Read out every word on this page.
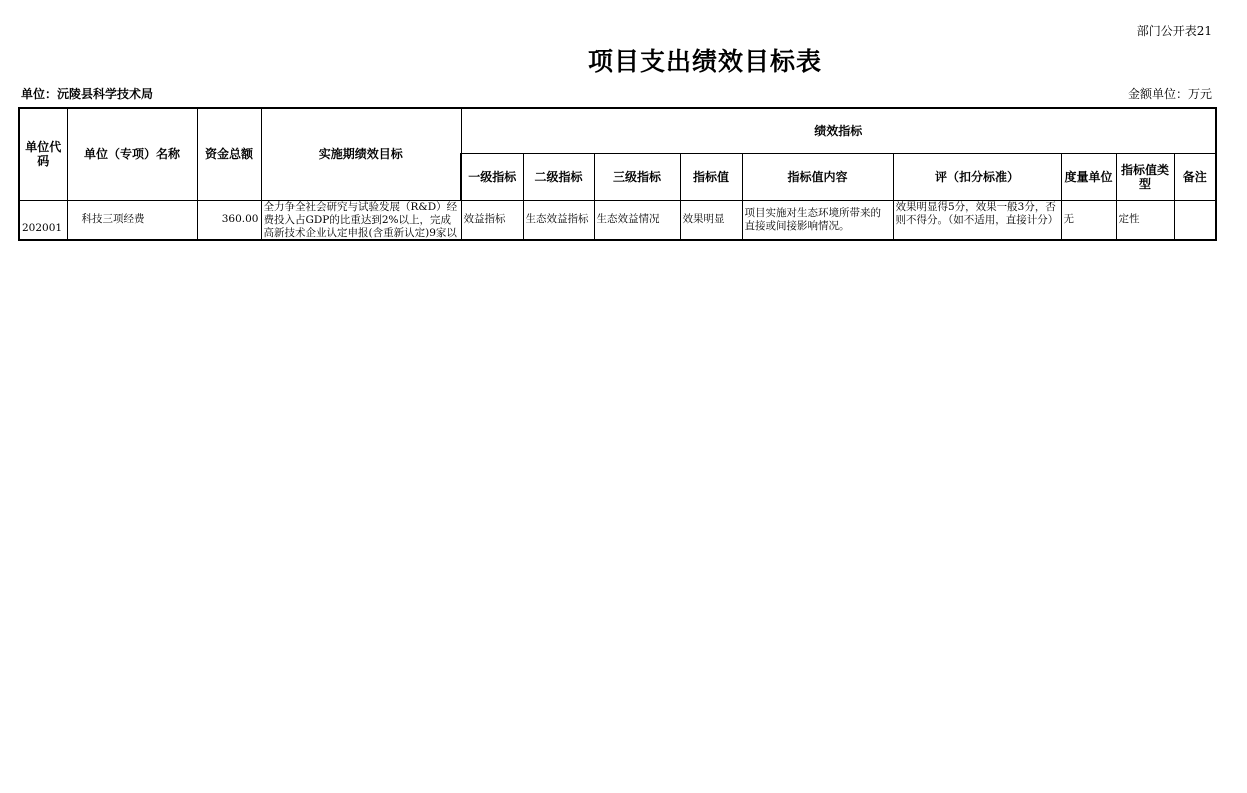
部门公开表21
项目支出绩效目标表
单位：沅陵县科学技术局	金额单位：万元
单位代码	单位（专项）名称	资金总额	实施期绩效目标	绩效指标								
				一级指标	二级指标	三级指标	指标值	指标值内容	评（扣分标准）	度量单位	指标值类型	备注
202001	科技三项经费	360.00	全力争全社会研究与试验发展（R&D）经费投入占GDP的比重达到2%以上，完成高新技术企业认定申报(含重新认定)9家以	效益指标	生态效益指标	生态效益情况	效果明显	项目实施对生态环境所带来的直接或间接影响情况。	效果明显得5分，效果一般3分，否则不得分。（如不适用，直接计分）	无	定性	
